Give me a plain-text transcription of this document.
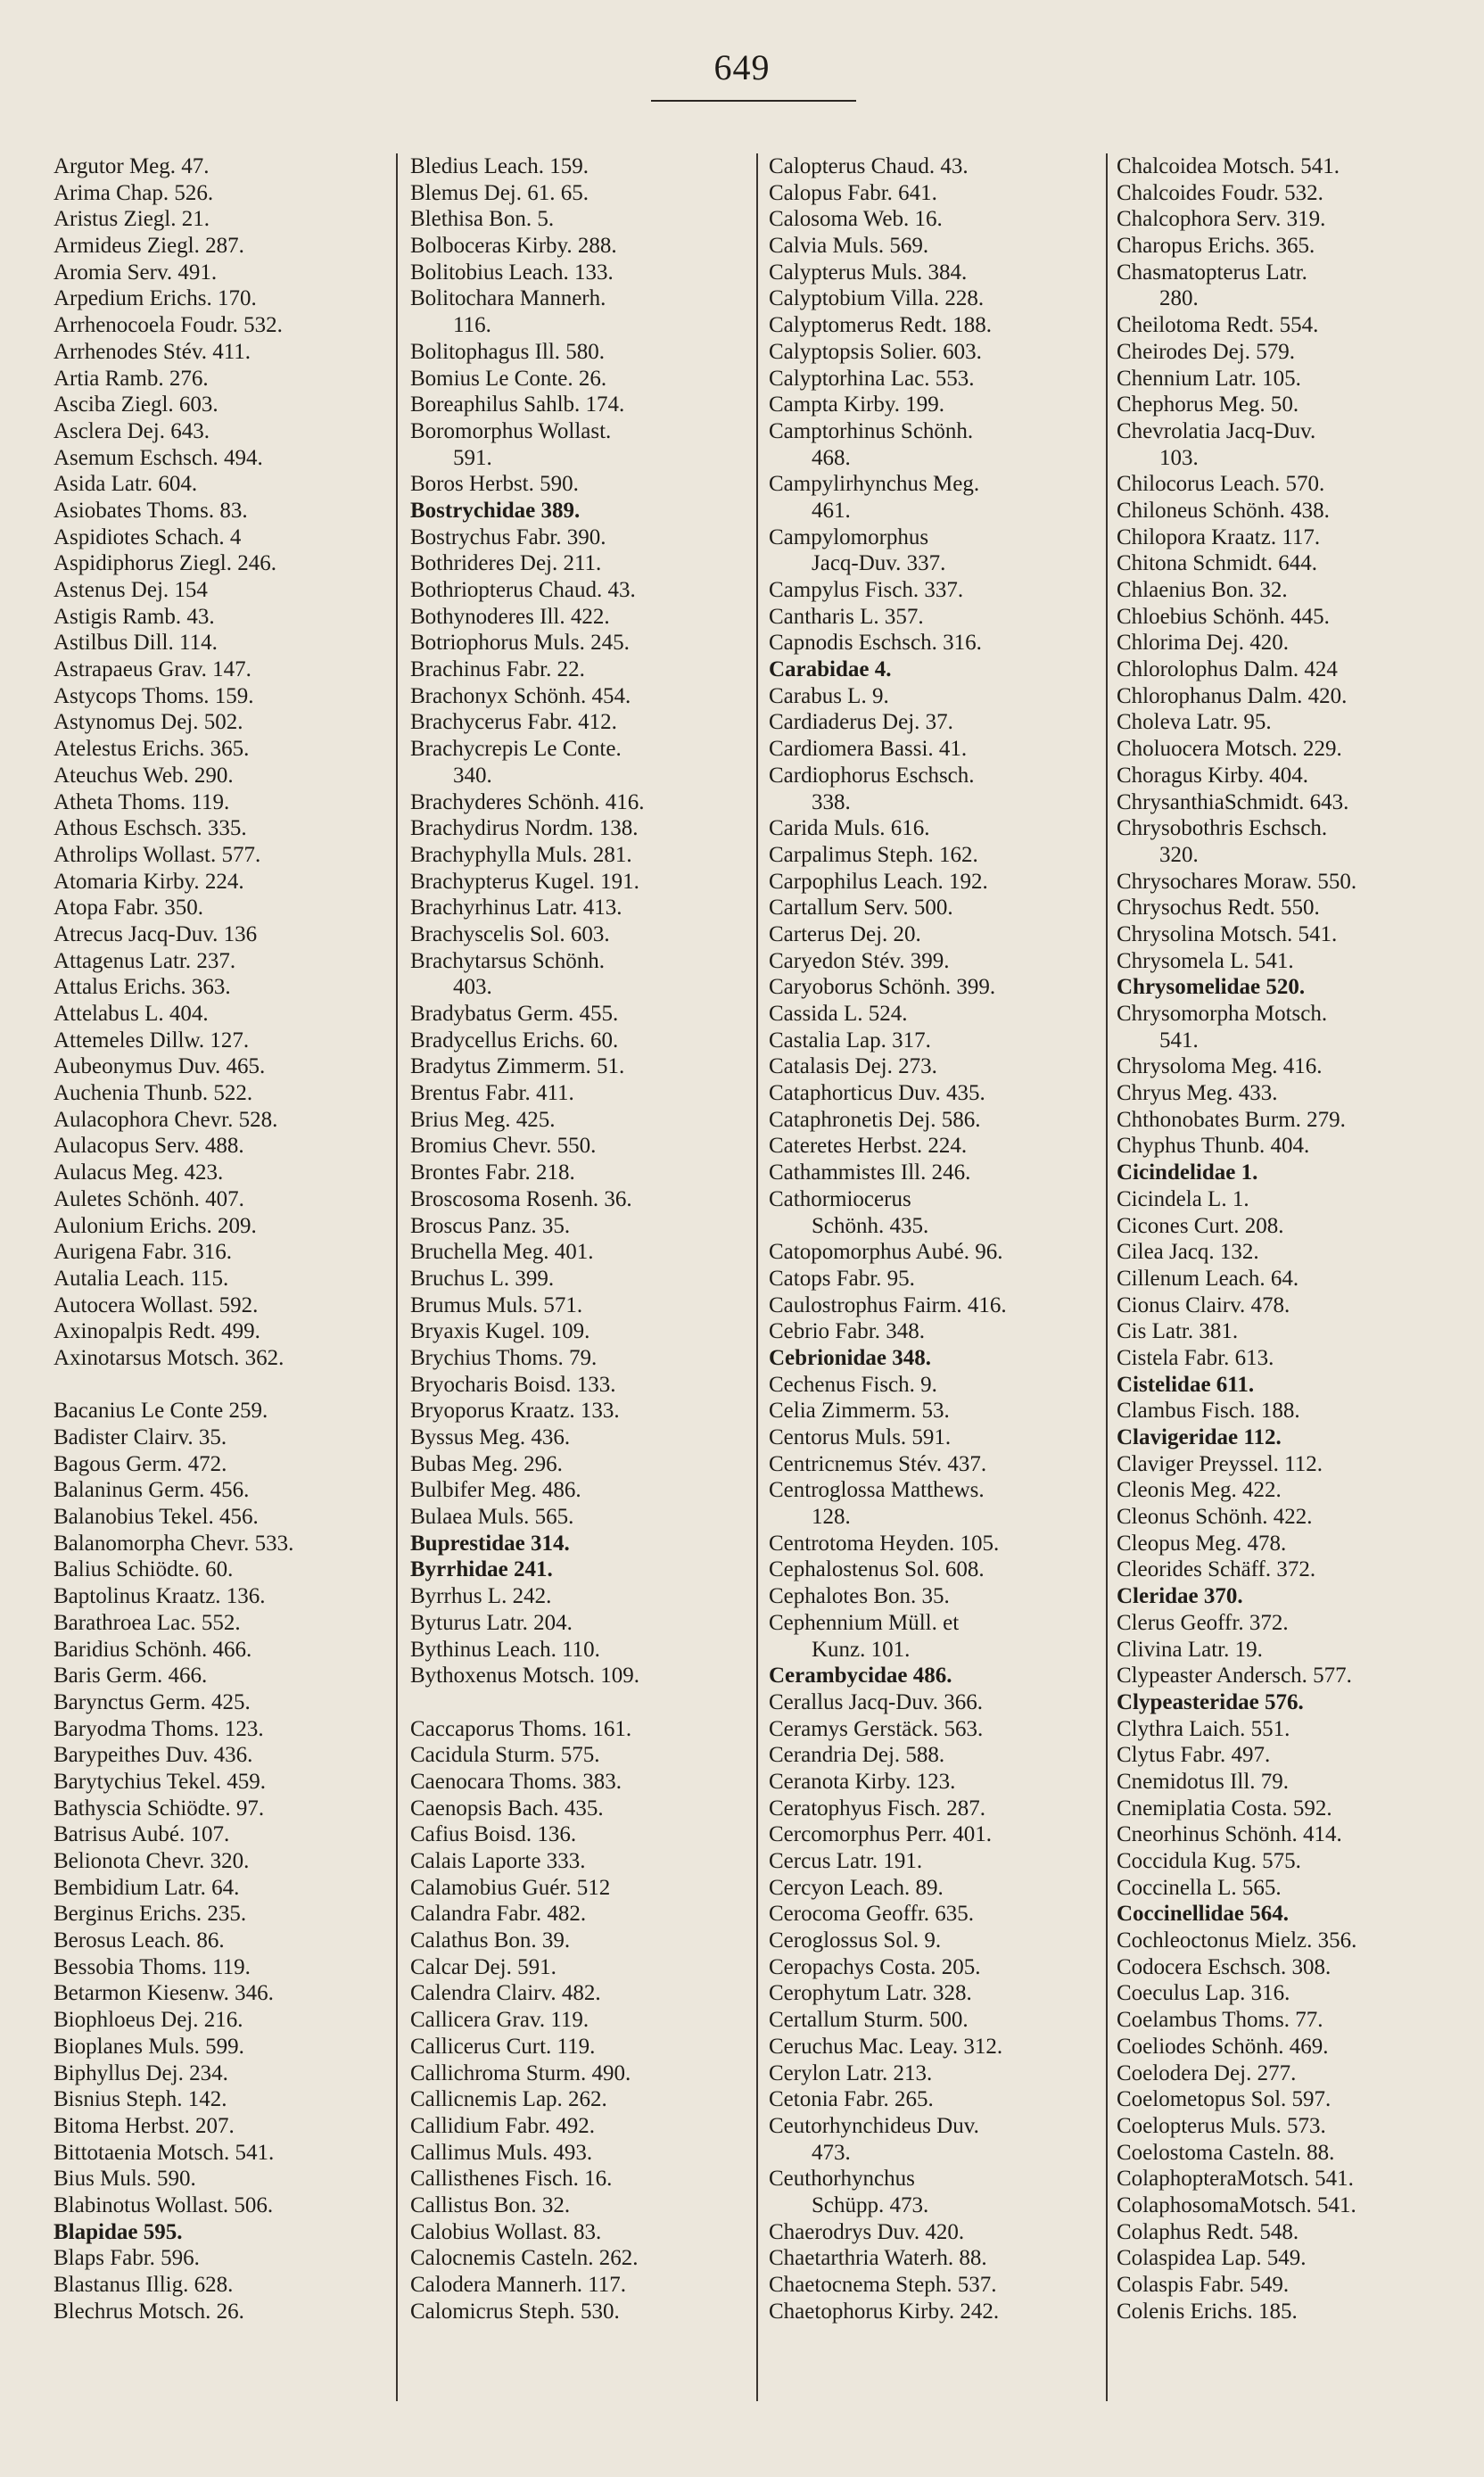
649
Argutor Meg. 47.
Arima Chap. 526.
Aristus Ziegl. 21.
Armideus Ziegl. 287.
Aromia Serv. 491.
Arpedium Erichs. 170.
Arrhenocoela Foudr. 532.
Arrhenodes Stév. 411.
Artia Ramb. 276.
Asciba Ziegl. 603.
Asclera Dej. 643.
Asemum Eschsch. 494.
Asida Latr. 604.
Asiobates Thoms. 83.
Aspidiotes Schach. 4
Aspidiphorus Ziegl. 246.
Astenus Dej. 154
Astigis Ramb. 43.
Astilbus Dill. 114.
Astrapaeus Grav. 147.
Astycops Thoms. 159.
Astynomus Dej. 502.
Atelestus Erichs. 365.
Ateuchus Web. 290.
Atheta Thoms. 119.
Athous Eschsch. 335.
Athrolips Wollast. 577.
Atomaria Kirby. 224.
Atopa Fabr. 350.
Atrecus Jacq-Duv. 136
Attagenus Latr. 237.
Attalus Erichs. 363.
Attelabus L. 404.
Attemeles Dillw. 127.
Aubeonymus Duv. 465.
Auchenia Thunb. 522.
Aulacophora Chevr. 528.
Aulacopus Serv. 488.
Aulacus Meg. 423.
Auletes Schönh. 407.
Aulonium Erichs. 209.
Aurigena Fabr. 316.
Autalia Leach. 115.
Autocera Wollast. 592.
Axinopalpis Redt. 499.
Axinotarsus Motsch. 362.
Bacanius Le Conte 259.
Badister Clairv. 35.
Bagous Germ. 472.
Balaninus Germ. 456.
Balanobius Tekel. 456.
Balanomorpha Chevr. 533.
Balius Schiödte. 60.
Baptolinus Kraatz. 136.
Barathroea Lac. 552.
Baridius Schönh. 466.
Baris Germ. 466.
Barynctus Germ. 425.
Baryodma Thoms. 123.
Barypeithes Duv. 436.
Barytychius Tekel. 459.
Bathyscia Schiödte. 97.
Batrisus Aubé. 107.
Belionota Chevr. 320.
Bembidium Latr. 64.
Berginus Erichs. 235.
Berosus Leach. 86.
Bessobia Thoms. 119.
Betarmon Kiesenw. 346.
Biophloeus Dej. 216.
Bioplanes Muls. 599.
Biphyllus Dej. 234.
Bisnius Steph. 142.
Bitoma Herbst. 207.
Bittotaenia Motsch. 541.
Bius Muls. 590.
Blabinotus Wollast. 506.
Blapidae 595.
Blaps Fabr. 596.
Blastanus Illig. 628.
Blechrus Motsch. 26.
Bledius Leach. 159.
Blemus Dej. 61. 65.
Blethisa Bon. 5.
Bolboceras Kirby. 288.
Bolitobius Leach. 133.
Bolitochara Mannerh.
116.
Bolitophagus Ill. 580.
Bomius Le Conte. 26.
Boreaphilus Sahlb. 174.
Boromorphus Wollast.
591.
Boros Herbst. 590.
Bostrychidae 389.
Bostrychus Fabr. 390.
Bothrideres Dej. 211.
Bothriopterus Chaud. 43.
Bothynoderes Ill. 422.
Botriophorus Muls. 245.
Brachinus Fabr. 22.
Brachonyx Schönh. 454.
Brachycerus Fabr. 412.
Brachycrepis Le Conte.
340.
Brachyderes Schönh. 416.
Brachydirus Nordm. 138.
Brachyphylla Muls. 281.
Brachypterus Kugel. 191.
Brachyrhinus Latr. 413.
Brachyscelis Sol. 603.
Brachytarsus Schönh.
403.
Bradybatus Germ. 455.
Bradycellus Erichs. 60.
Bradytus Zimmerm. 51.
Brentus Fabr. 411.
Brius Meg. 425.
Bromius Chevr. 550.
Brontes Fabr. 218.
Broscosoma Rosenh. 36.
Broscus Panz. 35.
Bruchella Meg. 401.
Bruchus L. 399.
Brumus Muls. 571.
Bryaxis Kugel. 109.
Brychius Thoms. 79.
Bryocharis Boisd. 133.
Bryoporus Kraatz. 133.
Byssus Meg. 436.
Bubas Meg. 296.
Bulbifer Meg. 486.
Bulaea Muls. 565.
Buprestidae 314.
Byrrhidae 241.
Byrrhus L. 242.
Byturus Latr. 204.
Bythinus Leach. 110.
Bythoxenus Motsch. 109.
Caccaporus Thoms. 161.
Cacidula Sturm. 575.
Caenocara Thoms. 383.
Caenopsis Bach. 435.
Cafius Boisd. 136.
Calais Laporte 333.
Calamobius Guér. 512
Calandra Fabr. 482.
Calathus Bon. 39.
Calcar Dej. 591.
Calendra Clairv. 482.
Callicera Grav. 119.
Callicerus Curt. 119.
Callichroma Sturm. 490.
Callicnemis Lap. 262.
Callidium Fabr. 492.
Callimus Muls. 493.
Callisthenes Fisch. 16.
Callistus Bon. 32.
Calobius Wollast. 83.
Calocnemis Casteln. 262.
Calodera Mannerh. 117.
Calomicrus Steph. 530.
Calopterus Chaud. 43.
Calopus Fabr. 641.
Calosoma Web. 16.
Calvia Muls. 569.
Calypterus Muls. 384.
Calyptobium Villa. 228.
Calyptomerus Redt. 188.
Calyptopsis Solier. 603.
Calyptorhina Lac. 553.
Campta Kirby. 199.
Camptorhinus Schönh.
468.
Campylirhynchus Meg.
461.
Campylomorphus
Jacq-Duv. 337.
Campylus Fisch. 337.
Cantharis L. 357.
Capnodis Eschsch. 316.
Carabidae 4.
Carabus L. 9.
Cardiaderus Dej. 37.
Cardiomera Bassi. 41.
Cardiophorus Eschsch.
338.
Carida Muls. 616.
Carpalimus Steph. 162.
Carpophilus Leach. 192.
Cartallum Serv. 500.
Carterus Dej. 20.
Caryedon Stév. 399.
Caryoborus Schönh. 399.
Cassida L. 524.
Castalia Lap. 317.
Catalasis Dej. 273.
Cataphorticus Duv. 435.
Cataphronetis Dej. 586.
Cateretes Herbst. 224.
Cathammistes Ill. 246.
Cathormiocerus
Schönh. 435.
Catopomorphus Aubé. 96.
Catops Fabr. 95.
Caulostrophus Fairm. 416.
Cebrio Fabr. 348.
Cebrionidae 348.
Cechenus Fisch. 9.
Celia Zimmerm. 53.
Centorus Muls. 591.
Centricnemus Stév. 437.
Centroglossa Matthews.
128.
Centrotoma Heyden. 105.
Cephalostenus Sol. 608.
Cephalotes Bon. 35.
Cephennium Müll. et
Kunz. 101.
Cerambycidae 486.
Cerallus Jacq-Duv. 366.
Ceramys Gerstäck. 563.
Cerandria Dej. 588.
Ceranota Kirby. 123.
Ceratophyus Fisch. 287.
Cercomorphus Perr. 401.
Cercus Latr. 191.
Cercyon Leach. 89.
Cerocoma Geoffr. 635.
Ceroglossus Sol. 9.
Ceropachys Costa. 205.
Cerophytum Latr. 328.
Certallum Sturm. 500.
Ceruchus Mac. Leay. 312.
Cerylon Latr. 213.
Cetonia Fabr. 265.
Ceutorhynchideus Duv.
473.
Ceuthorhynchus
Schüpp. 473.
Chaerodrys Duv. 420.
Chaetarthria Waterh. 88.
Chaetocnema Steph. 537.
Chaetophorus Kirby. 242.
Chalcoidea Motsch. 541.
Chalcoides Foudr. 532.
Chalcophora Serv. 319.
Charopus Erichs. 365.
Chasmatopterus Latr.
280.
Cheilotoma Redt. 554.
Cheirodes Dej. 579.
Chennium Latr. 105.
Chephorus Meg. 50.
Chevrolatia Jacq-Duv.
103.
Chilocorus Leach. 570.
Chiloneus Schönh. 438.
Chilopora Kraatz. 117.
Chitona Schmidt. 644.
Chlaenius Bon. 32.
Chloebius Schönh. 445.
Chlorima Dej. 420.
Chlorolophus Dalm. 424
Chlorophanus Dalm. 420.
Choleva Latr. 95.
Choluocera Motsch. 229.
Choragus Kirby. 404.
ChrysanthiaSchmidt. 643.
Chrysobothris Eschsch.
320.
Chrysochares Moraw. 550.
Chrysochus Redt. 550.
Chrysolina Motsch. 541.
Chrysomela L. 541.
Chrysomelidae 520.
Chrysomorpha Motsch.
541.
Chrysoloma Meg. 416.
Chryus Meg. 433.
Chthonobates Burm. 279.
Chyphus Thunb. 404.
Cicindelidae 1.
Cicindela L. 1.
Cicones Curt. 208.
Cilea Jacq. 132.
Cillenum Leach. 64.
Cionus Clairv. 478.
Cis Latr. 381.
Cistela Fabr. 613.
Cistelidae 611.
Clambus Fisch. 188.
Clavigeridae 112.
Claviger Preyssel. 112.
Cleonis Meg. 422.
Cleonus Schönh. 422.
Cleopus Meg. 478.
Cleorides Schäff. 372.
Cleridae 370.
Clerus Geoffr. 372.
Clivina Latr. 19.
Clypeaster Andersch. 577.
Clypeasteridae 576.
Clythra Laich. 551.
Clytus Fabr. 497.
Cnemidotus Ill. 79.
Cnemiplatia Costa. 592.
Cneorhinus Schönh. 414.
Coccidula Kug. 575.
Coccinella L. 565.
Coccinellidae 564.
Cochleoctonus Mielz. 356.
Codocera Eschsch. 308.
Coeculus Lap. 316.
Coelambus Thoms. 77.
Coeliodes Schönh. 469.
Coelodera Dej. 277.
Coelometopus Sol. 597.
Coelopterus Muls. 573.
Coelostoma Casteln. 88.
ColaphopteraMotsch. 541.
ColaphosomaMotsch. 541.
Colaphus Redt. 548.
Colaspidea Lap. 549.
Colaspis Fabr. 549.
Colenis Erichs. 185.
